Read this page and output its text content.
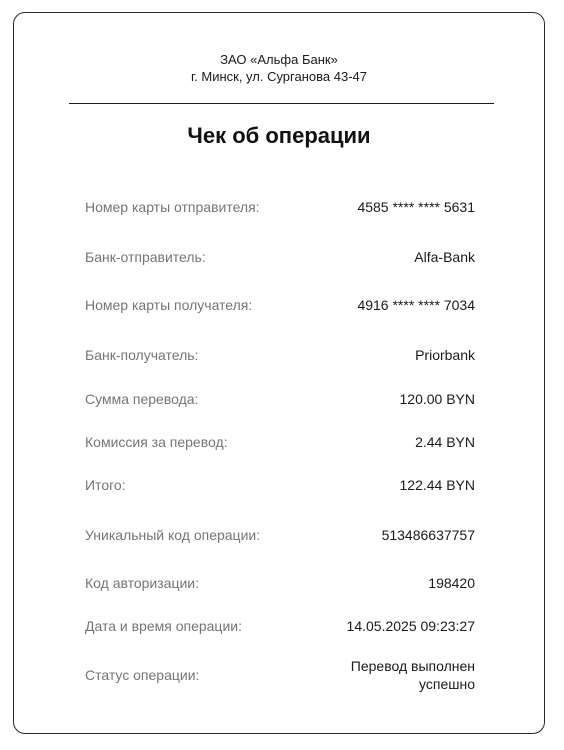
ЗАО «Альфа Банк»
г. Минск, ул. Сурганова 43-47
Чек об операции
Номер карты отправителя:	4585 **** **** 5631
Банк-отправитель:	Alfa-Bank
Номер карты получателя:	4916 **** **** 7034
Банк-получатель:	Priorbank
Сумма перевода:	120.00 BYN
Комиссия за перевод:	2.44 BYN
Итого:	122.44 BYN
Уникальный код операции:	513486637757
Код авторизации:	198420
Дата и время операции:	14.05.2025 09:23:27
Статус операции:
Перевод выполнен успешно
